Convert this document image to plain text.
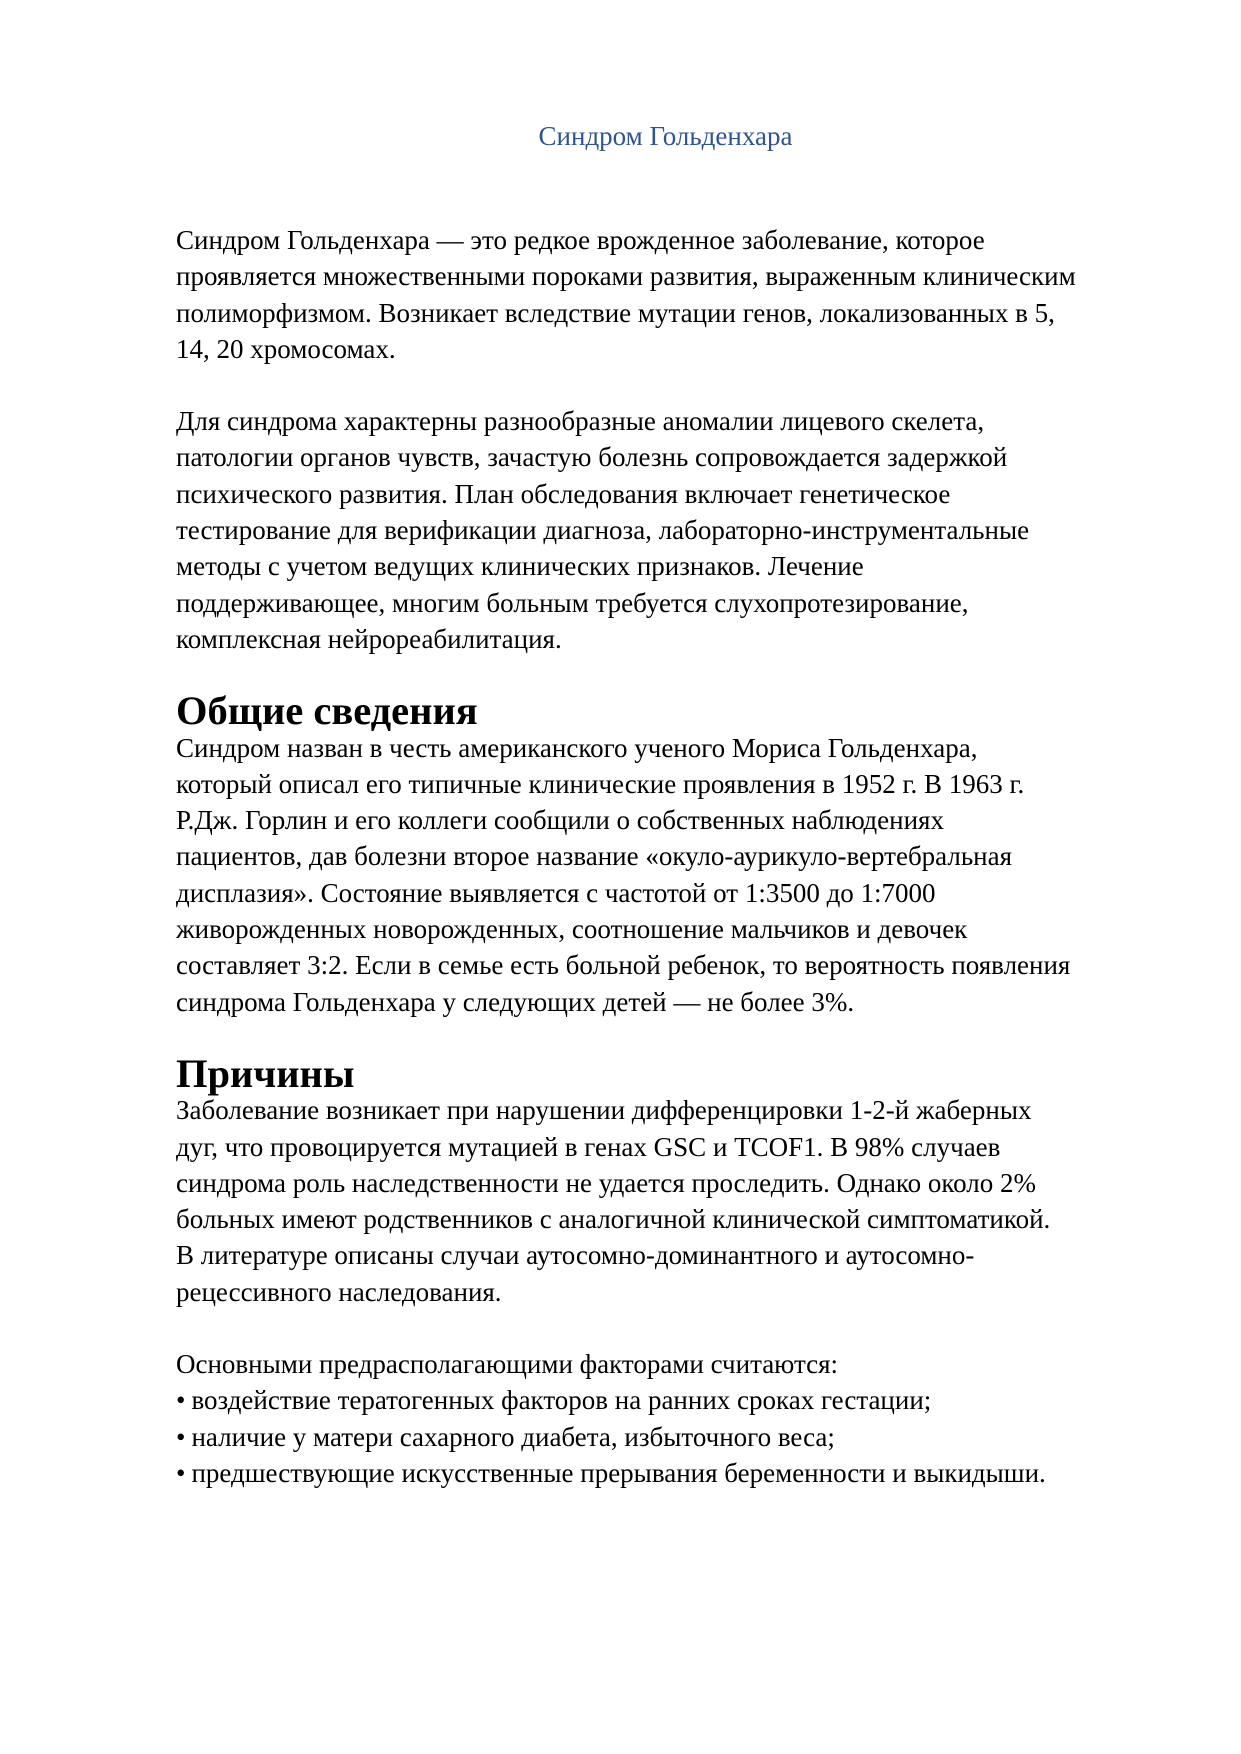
Синдром Гольденхара

Синдром Гольденхара — это редкое врожденное заболевание, которое
проявляется множественными пороками развития, выраженным клиническим
полиморфизмом. Возникает вследствие мутации генов, локализованных в 5,
14, 20 хромосомах.

Для синдрома характерны разнообразные аномалии лицевого скелета,
патологии органов чувств, зачастую болезнь сопровождается задержкой
психического развития. План обследования включает генетическое
тестирование для верификации диагноза, лабораторно-инструментальные
методы с учетом ведущих клинических признаков. Лечение
поддерживающее, многим больным требуется слухопротезирование,
комплексная нейрореабилитация.

Общие сведения

Синдром назван в честь американского ученого Мориса Гольденхара,
который описал его типичные клинические проявления в 1952 г. В 1963 г.
Р.Дж. Горлин и его коллеги сообщили о собственных наблюдениях
пациентов, дав болезни второе название «окуло-аурикуло-вертебральная
дисплазия». Состояние выявляется с частотой от 1:3500 до 1:7000
живорожденных новорожденных, соотношение мальчиков и девочек
составляет 3:2. Если в семье есть больной ребенок, то вероятность появления
синдрома Гольденхара у следующих детей — не более 3%.

Причины

Заболевание возникает при нарушении дифференцировки 1-2-й жаберных
дуг, что провоцируется мутацией в генах GSC и TCOF1. В 98% случаев
синдрома роль наследственности не удается проследить. Однако около 2%
больных имеют родственников с аналогичной клинической симптоматикой.
В литературе описаны случаи аутосомно-доминантного и аутосомно-
рецессивного наследования.

Основными предрасполагающими факторами считаются:

• воздействие тератогенных факторов на ранних сроках гестации;
• наличие у матери сахарного диабета, избыточного веса;
• предшествующие искусственные прерывания беременности и выкидыши.
